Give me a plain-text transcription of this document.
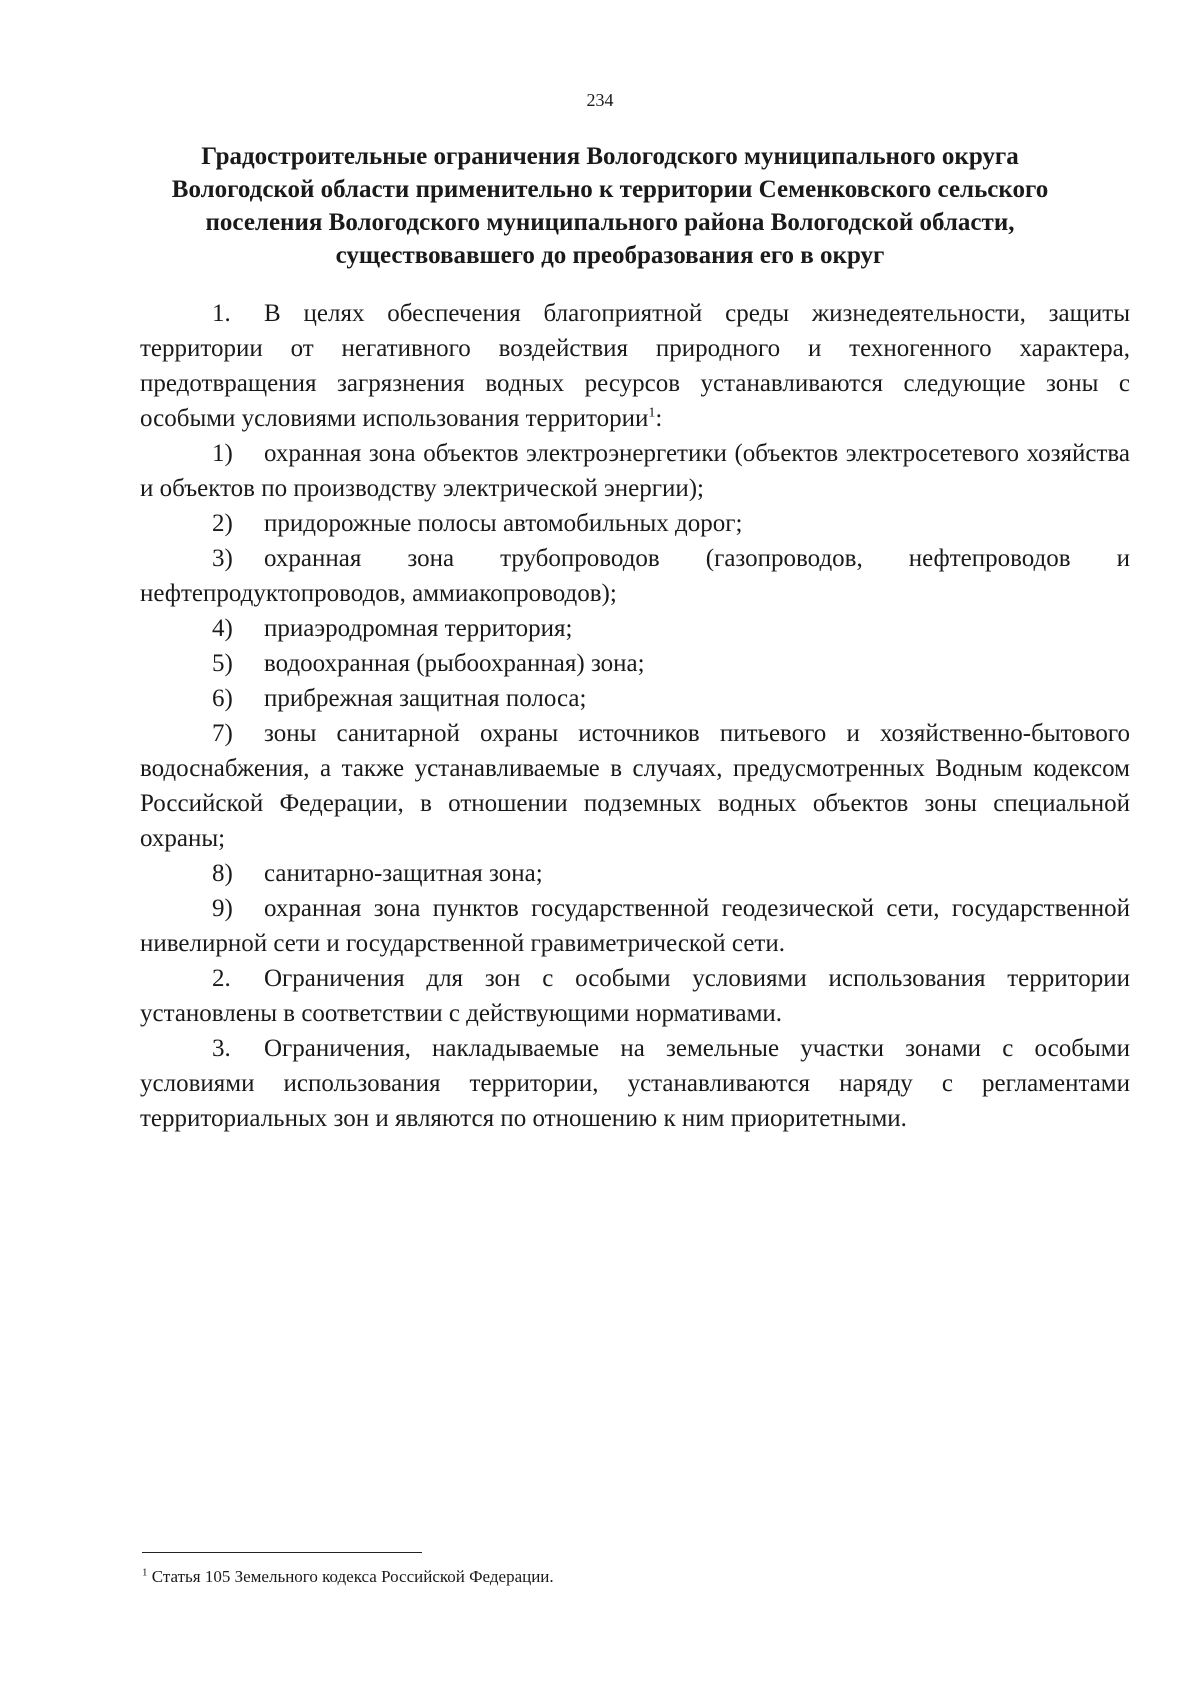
234
Градостроительные ограничения Вологодского муниципального округа Вологодской области применительно к территории Семенковского сельского поселения Вологодского муниципального района Вологодской области, существовавшего до преобразования его в округ

1. В целях обеспечения благоприятной среды жизнедеятельности, защиты территории от негативного воздействия природного и техногенного характера, предотвращения загрязнения водных ресурсов устанавливаются следующие зоны с особыми условиями использования территории$^1$:

1) охранная зона объектов электроэнергетики (объектов электросетевого хозяйства и объектов по производству электрической энергии);

2) придорожные полосы автомобильных дорог;

3) охранная зона трубопроводов (газопроводов, нефтепроводов и нефтепродуктопроводов, аммиакопроводов);

4) приаэродромная территория;

5) водоохранная (рыбоохранная) зона;

6) прибрежная защитная полоса;

7) зоны санитарной охраны источников питьевого и хозяйственно-бытового водоснабжения, а также устанавливаемые в случаях, предусмотренных Водным кодексом Российской Федерации, в отношении подземных водных объектов зоны специальной охраны;

8) санитарно-защитная зона;

9) охранная зона пунктов государственной геодезической сети, государственной нивелирной сети и государственной гравиметрической сети.

2. Ограничения для зон с особыми условиями использования территории установлены в соответствии с действующими нормативами.

3. Ограничения, накладываемые на земельные участки зонами с особыми условиями использования территории, устанавливаются наряду с регламентами территориальных зон и являются по отношению к ним приоритетными.

$^1$ Статья 105 Земельного кодекса Российской Федерации.
